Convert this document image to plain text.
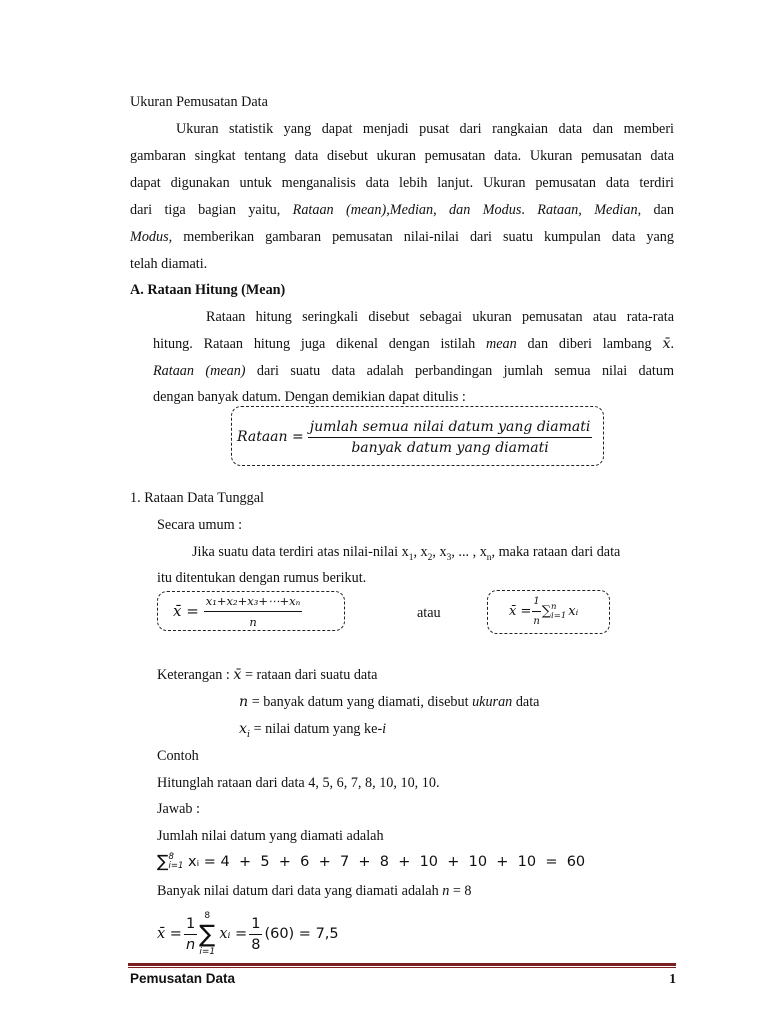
Ukuran Pemusatan Data
Ukuran statistik yang dapat menjadi pusat dari rangkaian data dan memberi
gambaran singkat tentang data disebut ukuran pemusatan data. Ukuran pemusatan data
dapat digunakan untuk menganalisis data lebih lanjut. Ukuran pemusatan data terdiri
dari tiga bagian yaitu, Rataan (mean),Median, dan Modus. Rataan, Median, dan
Modus, memberikan gambaran pemusatan nilai-nilai dari suatu kumpulan data yang
telah diamati.
A. Rataan Hitung (Mean)
Rataan hitung seringkali disebut sebagai ukuran pemusatan atau rata-rata
hitung. Rataan hitung juga dikenal dengan istilah mean dan diberi lambang x̄.
Rataan (mean) dari suatu data adalah perbandingan jumlah semua nilai datum
dengan banyak datum. Dengan demikian dapat ditulis :
Rataan = $\frac{\text{jumlah semua nilai datum yang diamati}}{\text{banyak datum yang diamati}}$
1. Rataan Data Tunggal
Secara umum :
Jika suatu data terdiri atas nilai-nilai $x_1$, $x_2$, $x_3$, ... , $x_n$, maka rataan dari data
itu ditentukan dengan rumus berikut.
x̄ = $\frac{\text{x₁+x₂+x₃+⋯+xₙ}}{n}$	atau	x̄ = $\frac{1}{n}$ ∑ n
i=1 xᵢ
Keterangan : x̄ = rataan dari suatu data
n = banyak datum yang diamati, disebut ukuran data
$x_i$ = nilai datum yang ke-i
Contoh
Hitunglah rataan dari data 4, 5, 6, 7, 8, 10, 10, 10.
Jawab :
Jumlah nilai datum yang diamati adalah
∑ 8
i=1 xᵢ = 4  +  5  +  6  +  7  +  8  +  10  +  10  +  10  =  60
Banyak nilai datum dari data yang diamati adalah n = 8
x̄ = $\frac{1}{n} 8$
∑
i=1
xᵢ = $\frac{1}{8} (60) = 7,5$
Pemusatan Data	1
